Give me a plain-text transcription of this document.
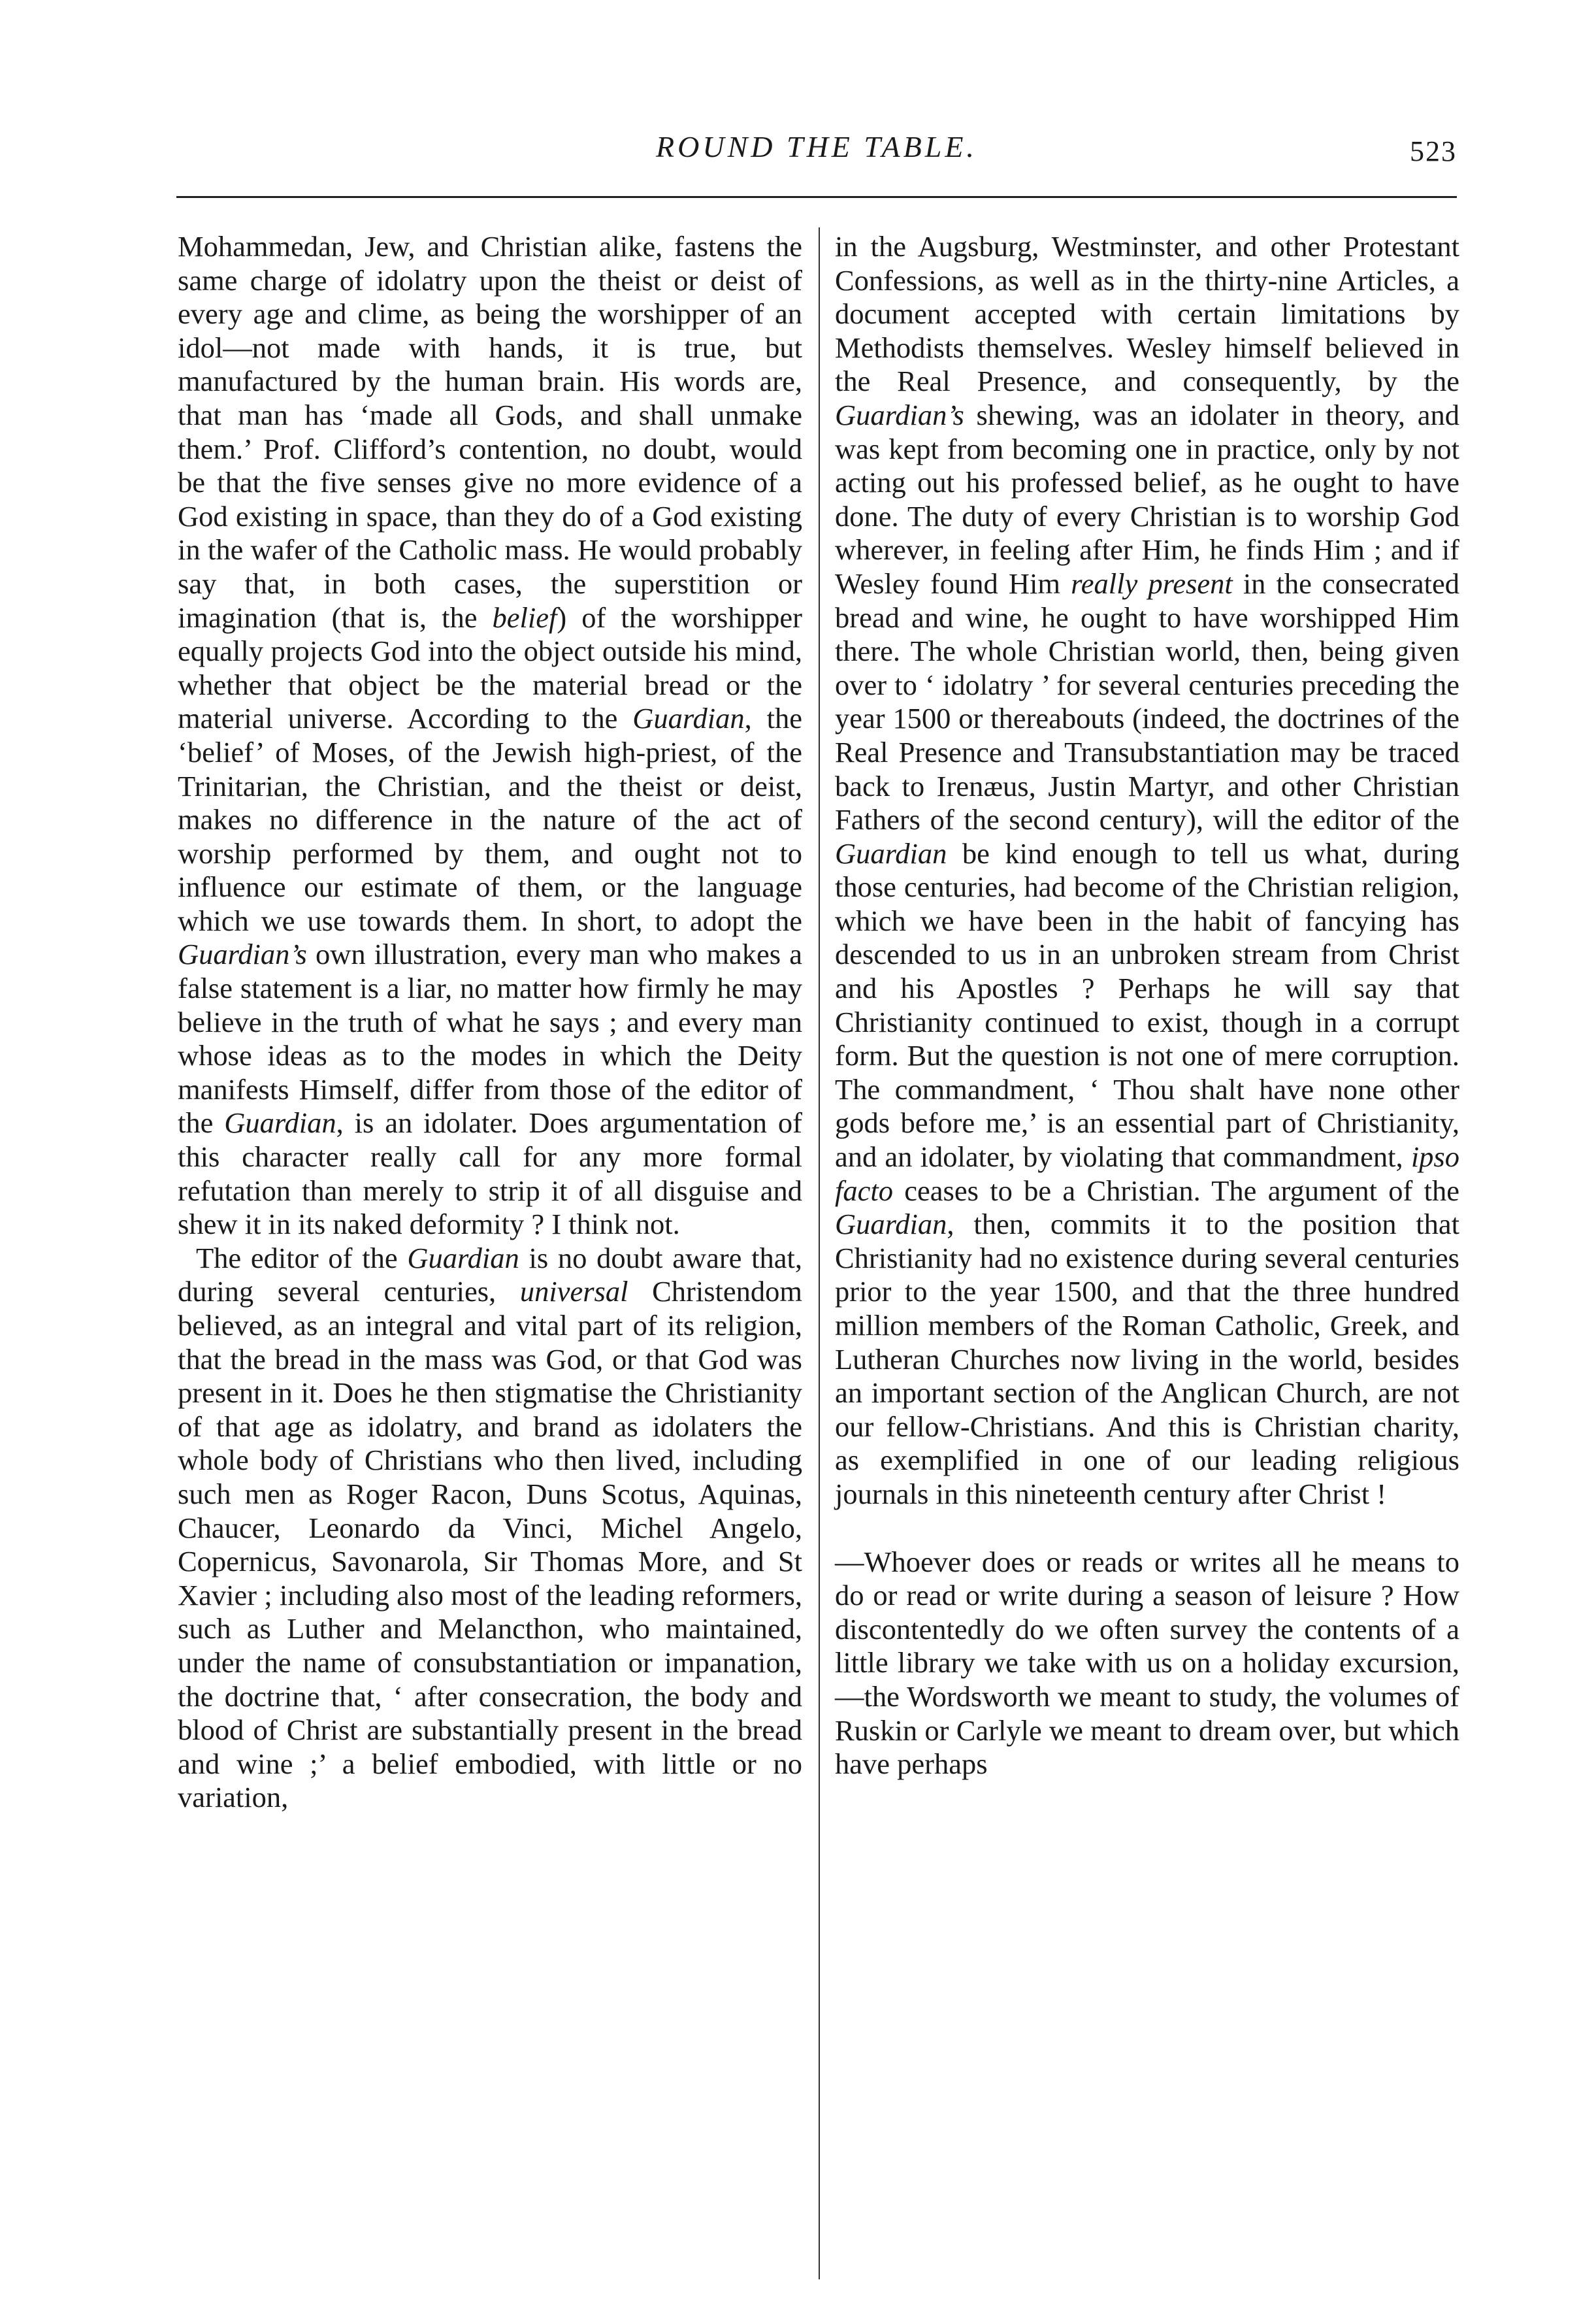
ROUND THE TABLE.	523

Mohammedan, Jew, and Christian alike, fastens the same charge of idolatry upon the theist or deist of every age and clime, as being the worshipper of an idol—not made with hands, it is true, but manufactured by the human brain. His words are, that man has ‘made all Gods, and shall unmake them.’ Prof. Clifford’s contention, no doubt, would be that the five senses give no more evidence of a God existing in space, than they do of a God existing in the wafer of the Catholic mass. He would probably say that, in both cases, the superstition or imagination (that is, the belief) of the worshipper equally projects God into the object outside his mind, whether that object be the material bread or the material universe. According to the Guardian, the ‘belief’ of Moses, of the Jewish high-priest, of the Trinitarian, the Christian, and the theist or deist, makes no difference in the nature of the act of worship performed by them, and ought not to influence our estimate of them, or the language which we use towards them. In short, to adopt the Guardian’s own illustration, every man who makes a false statement is a liar, no matter how firmly he may believe in the truth of what he says ; and every man whose ideas as to the modes in which the Deity manifests Himself, differ from those of the editor of the Guardian, is an idolater. Does argumentation of this character really call for any more formal refutation than merely to strip it of all disguise and shew it in its naked deformity ? I think not.

The editor of the Guardian is no doubt aware that, during several centuries, universal Christendom believed, as an integral and vital part of its religion, that the bread in the mass was God, or that God was present in it. Does he then stigmatise the Christianity of that age as idolatry, and brand as idolaters the whole body of Christians who then lived, including such men as Roger Racon, Duns Scotus, Aquinas, Chaucer, Leonardo da Vinci, Michel Angelo, Copernicus, Savonarola, Sir Thomas More, and St Xavier ; including also most of the leading reformers, such as Luther and Melancthon, who maintained, under the name of consubstantiation or impanation, the doctrine that, ‘ after consecration, the body and blood of Christ are substantially present in the bread and wine ;’ a belief embodied, with little or no variation,

in the Augsburg, Westminster, and other Protestant Confessions, as well as in the thirty-nine Articles, a document accepted with certain limitations by Methodists themselves. Wesley himself believed in the Real Presence, and consequently, by the Guardian’s shewing, was an idolater in theory, and was kept from becoming one in practice, only by not acting out his professed belief, as he ought to have done. The duty of every Christian is to worship God wherever, in feeling after Him, he finds Him ; and if Wesley found Him really present in the consecrated bread and wine, he ought to have worshipped Him there. The whole Christian world, then, being given over to ‘ idolatry ’ for several centuries preceding the year 1500 or thereabouts (indeed, the doctrines of the Real Presence and Transubstantiation may be traced back to Irenæus, Justin Martyr, and other Christian Fathers of the second century), will the editor of the Guardian be kind enough to tell us what, during those centuries, had become of the Christian religion, which we have been in the habit of fancying has descended to us in an unbroken stream from Christ and his Apostles ? Perhaps he will say that Christianity continued to exist, though in a corrupt form. But the question is not one of mere corruption. The commandment, ‘ Thou shalt have none other gods before me,’ is an essential part of Christianity, and an idolater, by violating that commandment, ipso facto ceases to be a Christian. The argument of the Guardian, then, commits it to the position that Christianity had no existence during several centuries prior to the year 1500, and that the three hundred million members of the Roman Catholic, Greek, and Lutheran Churches now living in the world, besides an important section of the Anglican Church, are not our fellow-Christians. And this is Christian charity, as exemplified in one of our leading religious journals in this nineteenth century after Christ !

—Whoever does or reads or writes all he means to do or read or write during a season of leisure ? How discontentedly do we often survey the contents of a little library we take with us on a holiday excursion,—the Wordsworth we meant to study, the volumes of Ruskin or Carlyle we meant to dream over, but which have perhaps
